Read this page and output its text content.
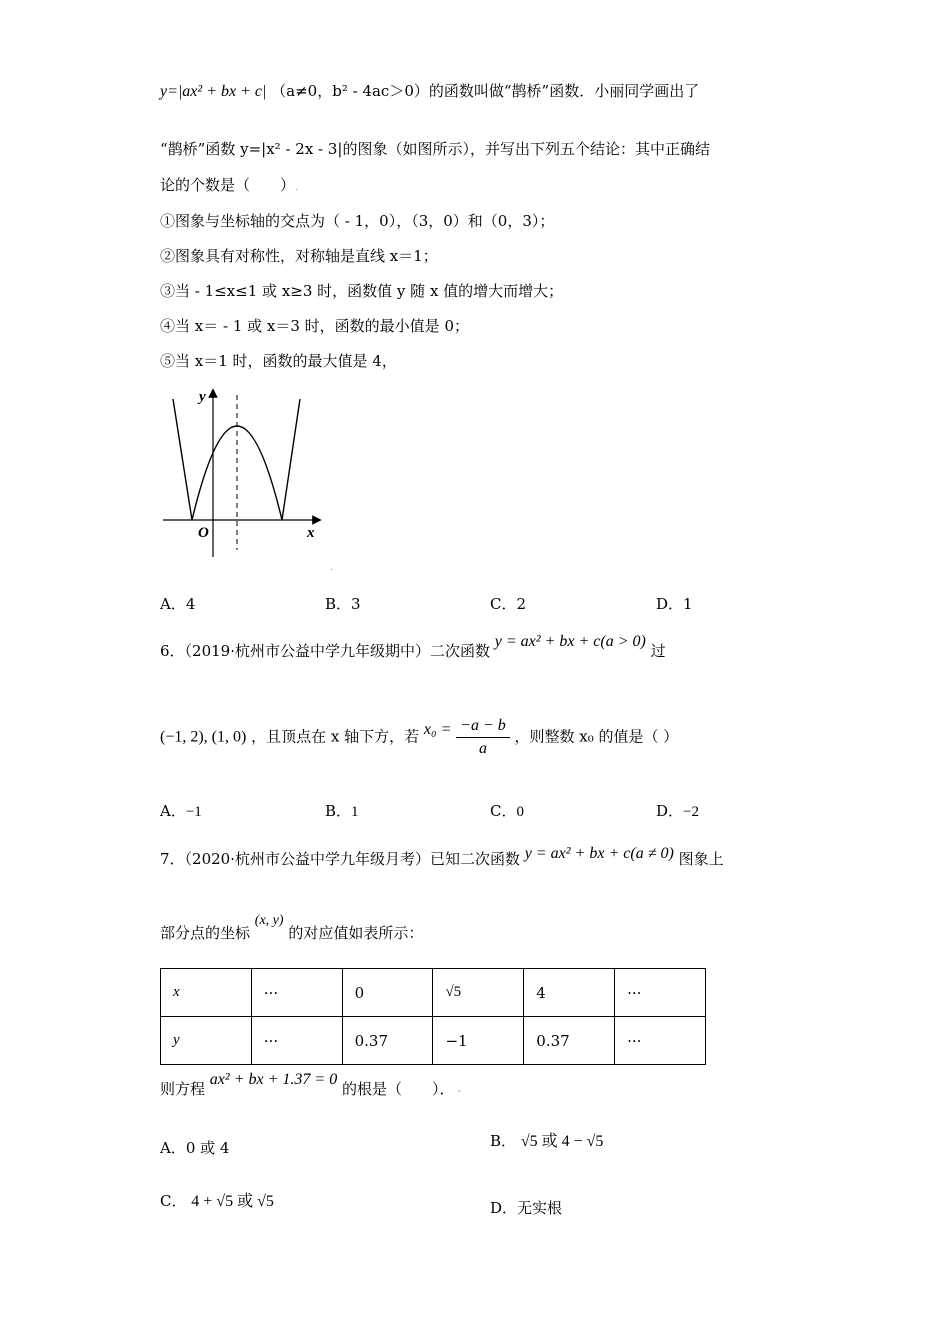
y=|ax² + bx + c| （a≠0，b² - 4ac＞0）的函数叫做“鹊桥”函数．小丽同学画出了
“鹊桥”函数 y=|x² - 2x - 3|的图象（如图所示），并写出下列五个结论：其中正确结
论的个数是（　　）.
①图象与坐标轴的交点为（ - 1，0），（3，0）和（0，3）；
②图象具有对称性，对称轴是直线 x＝1；
③当 - 1≤x≤1 或 x≥3 时，函数值 y 随 x 值的增大而增大；
④当 x＝ - 1 或 x＝3 时，函数的最小值是 0；
⑤当 x＝1 时，函数的最大值是 4，
y
x
O
.
A．4	B．3	C．2	D．1
6．（2019·杭州市公益中学九年级期中）二次函数 y = ax² + bx + c(a > 0) 过
(−1, 2), (1, 0) ，且顶点在 x 轴下方，若 $x_0 = \frac{-a - b}{a}$ ，则整数 x₀ 的值是（ ）
A．−1	B．1	C．0	D．−2
7．（2020·杭州市公益中学九年级月考）已知二次函数 y = ax² + bx + c(a ≠ 0) 图象上
部分点的坐标 (x, y) 的对应值如表所示：
x	···	0	√5	4	···
y	···	0.37	−1	0.37	···
则方程 ax² + bx + 1.37 = 0 的根是（　　）． -
A．0 或 4	B． √5 或 4 − √5
C． 4 + √5 或 √5	D．无实根
